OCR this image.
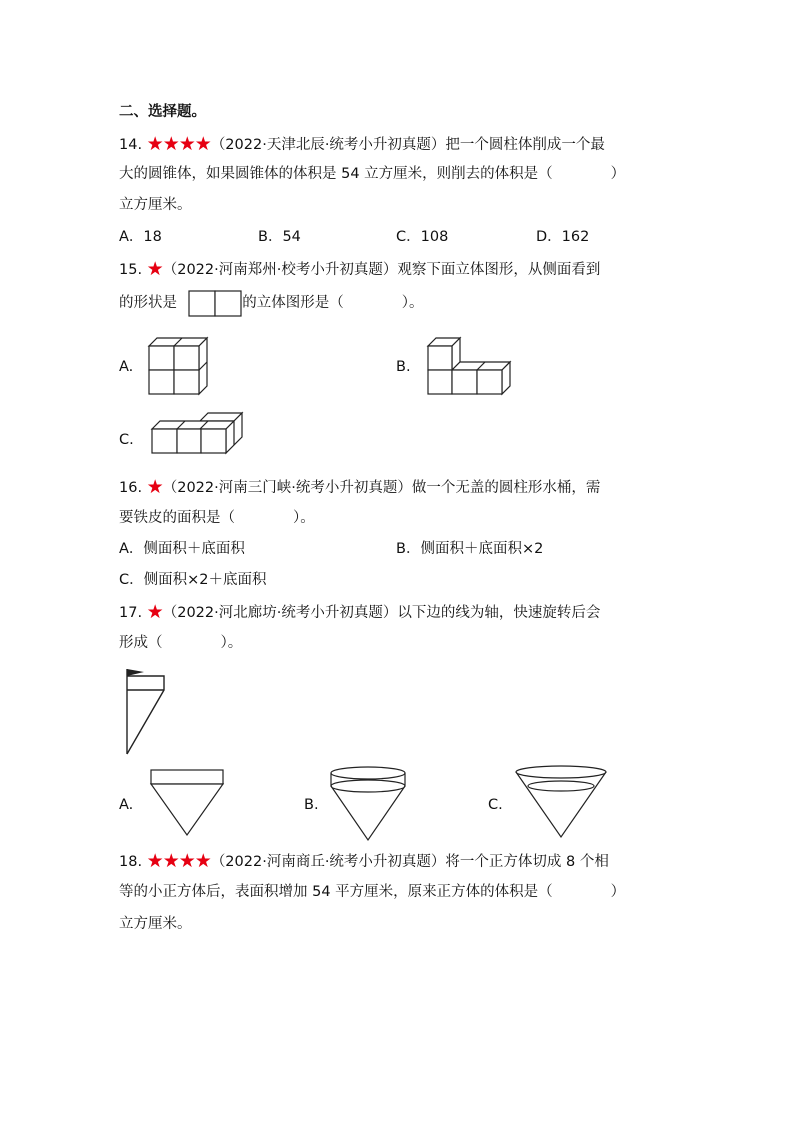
二、选择题。
14. ★★★★（2022·天津北辰·统考小升初真题）把一个圆柱体削成一个最
大的圆锥体，如果圆锥体的体积是 54 立方厘米，则削去的体积是（　　　　）
立方厘米。
A．18	B．54	C．108	D．162
15. ★（2022·河南郑州·校考小升初真题）观察下面立体图形，从侧面看到
的形状是	的立体图形是（　　　　）。
A.	B.
C.
16. ★（2022·河南三门峡·统考小升初真题）做一个无盖的圆柱形水桶，需
要铁皮的面积是（　　　　）。
A．侧面积＋底面积	B．侧面积＋底面积×2
C．侧面积×2＋底面积
17. ★（2022·河北廊坊·统考小升初真题）以下边的线为轴，快速旋转后会
形成（　　　　）。
A.	B.	C.
18. ★★★★（2022·河南商丘·统考小升初真题）将一个正方体切成 8 个相
等的小正方体后，表面积增加 54 平方厘米，原来正方体的体积是（　　　　）
立方厘米。
